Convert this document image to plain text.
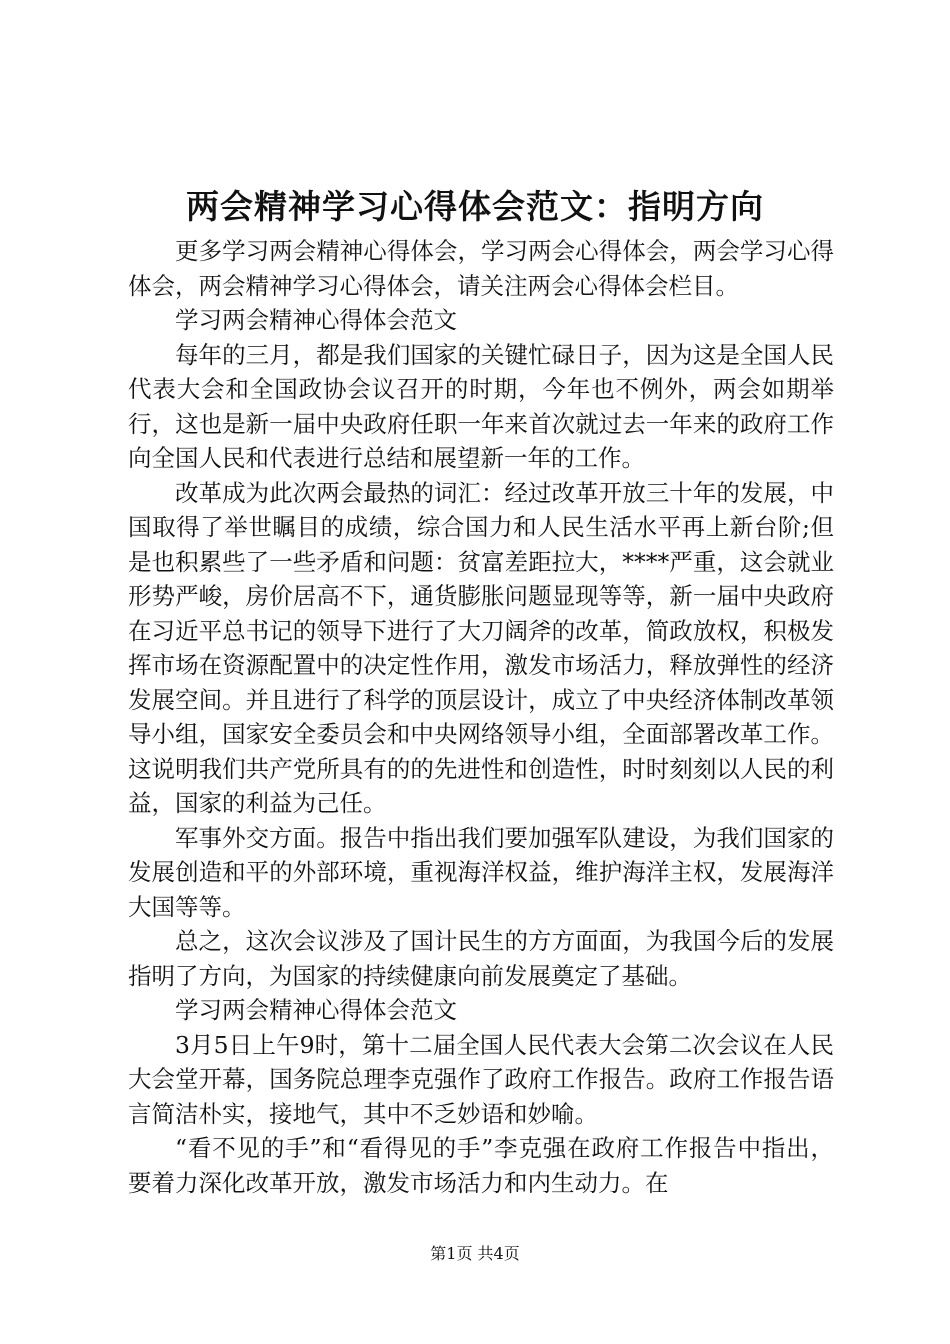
两会精神学习心得体会范文：指明方向

更多学习两会精神心得体会，学习两会心得体会，两会学习心得体会，两会精神学习心得体会，请关注两会心得体会栏目。

学习两会精神心得体会范文

每年的三月，都是我们国家的关键忙碌日子，因为这是全国人民代表大会和全国政协会议召开的时期，今年也不例外，两会如期举行，这也是新一届中央政府任职一年来首次就过去一年来的政府工作向全国人民和代表进行总结和展望新一年的工作。

改革成为此次两会最热的词汇：经过改革开放三十年的发展，中国取得了举世瞩目的成绩，综合国力和人民生活水平再上新台阶;但是也积累些了一些矛盾和问题：贫富差距拉大，****严重，这会就业形势严峻，房价居高不下，通货膨胀问题显现等等，新一届中央政府在习近平总书记的领导下进行了大刀阔斧的改革，简政放权，积极发挥市场在资源配置中的决定性作用，激发市场活力，释放弹性的经济发展空间。并且进行了科学的顶层设计，成立了中央经济体制改革领导小组，国家安全委员会和中央网络领导小组，全面部署改革工作。这说明我们共产党所具有的的先进性和创造性，时时刻刻以人民的利益，国家的利益为己任。

军事外交方面。报告中指出我们要加强军队建设，为我们国家的发展创造和平的外部环境，重视海洋权益，维护海洋主权，发展海洋大国等等。

总之，这次会议涉及了国计民生的方方面面，为我国今后的发展指明了方向，为国家的持续健康向前发展奠定了基础。

学习两会精神心得体会范文

3月5日上午9时，第十二届全国人民代表大会第二次会议在人民大会堂开幕，国务院总理李克强作了政府工作报告。政府工作报告语言简洁朴实，接地气，其中不乏妙语和妙喻。

“看不见的手”和“看得见的手”李克强在政府工作报告中指出，要着力深化改革开放，激发市场活力和内生动力。在

第1页 共4页
